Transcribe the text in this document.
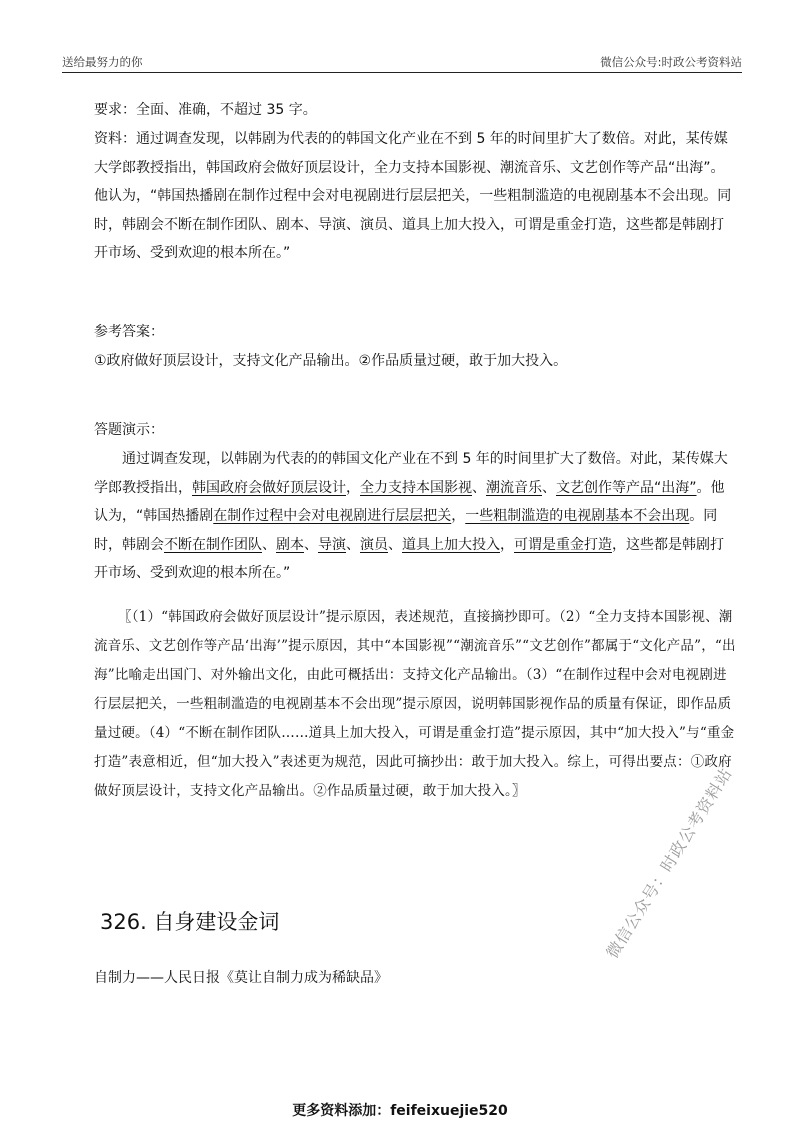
送给最努力的你	微信公众号:时政公考资料站

要求：全面、准确，不超过 35 字。

资料：通过调查发现，以韩剧为代表的的韩国文化产业在不到 5 年的时间里扩大了数倍。对此，某传媒大学郎教授指出，韩国政府会做好顶层设计，全力支持本国影视、潮流音乐、文艺创作等产品“出海”。他认为，“韩国热播剧在制作过程中会对电视剧进行层层把关，一些粗制滥造的电视剧基本不会出现。同时，韩剧会不断在制作团队、剧本、导演、演员、道具上加大投入，可谓是重金打造，这些都是韩剧打开市场、受到欢迎的根本所在。”

参考答案：

①政府做好顶层设计，支持文化产品输出。②作品质量过硬，敢于加大投入。

答题演示：

通过调查发现，以韩剧为代表的的韩国文化产业在不到 5 年的时间里扩大了数倍。对此，某传媒大学郎教授指出，韩国政府会做好顶层设计，全力支持本国影视、潮流音乐、文艺创作等产品“出海”。他认为，“韩国热播剧在制作过程中会对电视剧进行层层把关，一些粗制滥造的电视剧基本不会出现。同时，韩剧会不断在制作团队、剧本、导演、演员、道具上加大投入，可谓是重金打造，这些都是韩剧打开市场、受到欢迎的根本所在。”

〖（1）“韩国政府会做好顶层设计”提示原因，表述规范，直接摘抄即可。（2）“全力支持本国影视、潮流音乐、文艺创作等产品‘出海’”提示原因，其中“本国影视”“潮流音乐”“文艺创作”都属于“文化产品”，“出海”比喻走出国门、对外输出文化，由此可概括出：支持文化产品输出。（3）“在制作过程中会对电视剧进行层层把关，一些粗制滥造的电视剧基本不会出现”提示原因，说明韩国影视作品的质量有保证，即作品质量过硬。（4）“不断在制作团队……道具上加大投入，可谓是重金打造”提示原因，其中“加大投入”与“重金打造”表意相近，但“加大投入”表述更为规范，因此可摘抄出：敢于加大投入。综上，可得出要点：①政府做好顶层设计，支持文化产品输出。②作品质量过硬，敢于加大投入。〗

326. 自身建设金词

自制力——人民日报《莫让自制力成为稀缺品》

微信公众号：时政公考资料站
更多资料添加：feifeixuejie520
